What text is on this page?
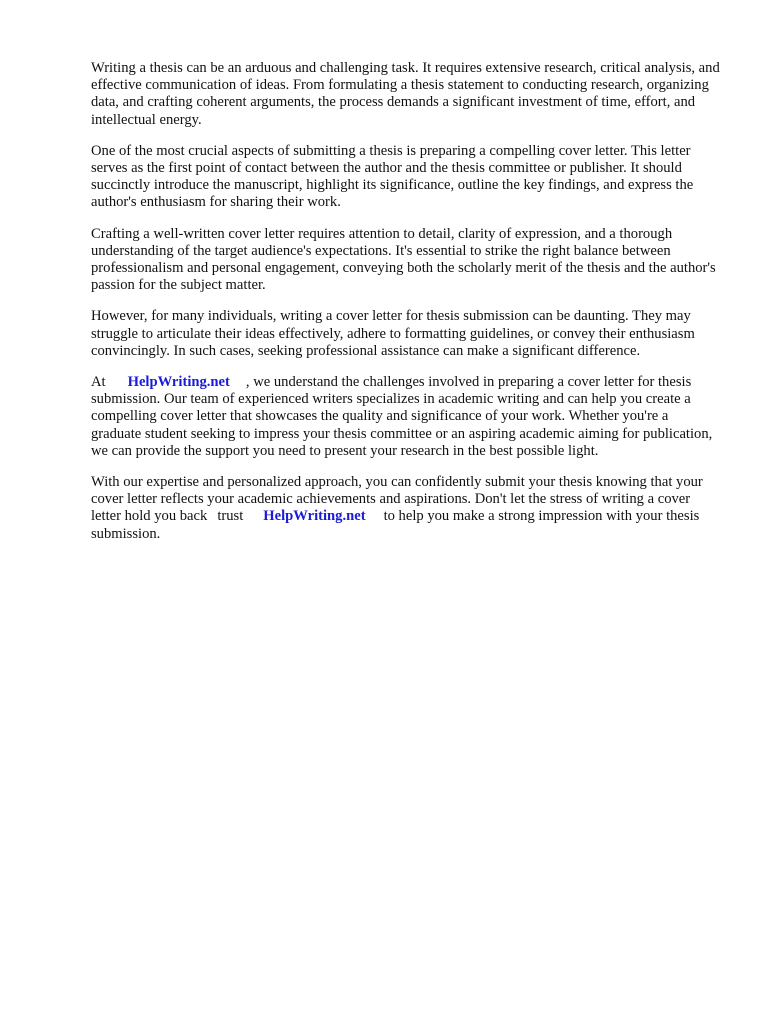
Writing a thesis can be an arduous and challenging task. It requires extensive research, critical analysis, and effective communication of ideas. From formulating a thesis statement to conducting research, organizing data, and crafting coherent arguments, the process demands a significant investment of time, effort, and intellectual energy.

One of the most crucial aspects of submitting a thesis is preparing a compelling cover letter. This letter serves as the first point of contact between the author and the thesis committee or publisher. It should succinctly introduce the manuscript, highlight its significance, outline the key findings, and express the author's enthusiasm for sharing their work.

Crafting a well-written cover letter requires attention to detail, clarity of expression, and a thorough understanding of the target audience's expectations. It's essential to strike the right balance between professionalism and personal engagement, conveying both the scholarly merit of the thesis and the author's passion for the subject matter.

However, for many individuals, writing a cover letter for thesis submission can be daunting. They may struggle to articulate their ideas effectively, adhere to formatting guidelines, or convey their enthusiasm convincingly. In such cases, seeking professional assistance can make a significant difference.

At HelpWriting.net , we understand the challenges involved in preparing a cover letter for thesis submission. Our team of experienced writers specializes in academic writing and can help you create a compelling cover letter that showcases the quality and significance of your work. Whether you're a graduate student seeking to impress your thesis committee or an aspiring academic aiming for publication, we can provide the support you need to present your research in the best possible light.

With our expertise and personalized approach, you can confidently submit your thesis knowing that your cover letter reflects your academic achievements and aspirations. Don't let the stress of writing a cover letter hold you back trust HelpWriting.net to help you make a strong impression with your thesis submission.
